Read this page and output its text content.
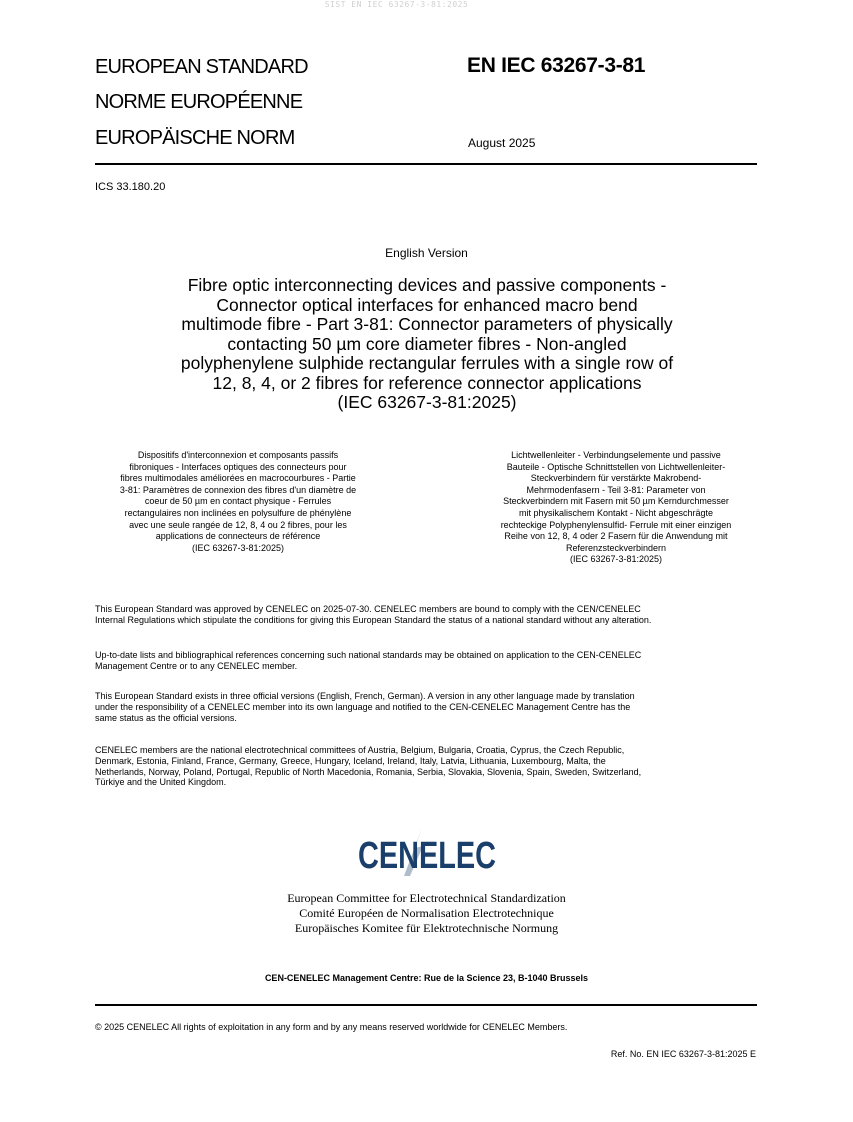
SIST EN IEC 63267-3-81:2025
EUROPEAN STANDARD
NORME EUROPÉENNE
EUROPÄISCHE NORM
EN IEC 63267-3-81
August 2025
ICS 33.180.20
English Version
Fibre optic interconnecting devices and passive components -
Connector optical interfaces for enhanced macro bend
multimode fibre - Part 3-81: Connector parameters of physically
contacting 50 µm core diameter fibres - Non-angled
polyphenylene sulphide rectangular ferrules with a single row of
12, 8, 4, or 2 fibres for reference connector applications
(IEC 63267-3-81:2025)
Dispositifs d'interconnexion et composants passifs
fibroniques - Interfaces optiques des connecteurs pour
fibres multimodales améliorées en macrocourbures - Partie
3-81: Paramètres de connexion des fibres d'un diamètre de
coeur de 50 µm en contact physique - Ferrules
rectangulaires non inclinées en polysulfure de phénylène
avec une seule rangée de 12, 8, 4 ou 2 fibres, pour les
applications de connecteurs de référence
(IEC 63267-3-81:2025)
Lichtwellenleiter - Verbindungselemente und passive
Bauteile - Optische Schnittstellen von Lichtwellenleiter-
Steckverbindern für verstärkte Makrobend-
Mehrmodenfasern - Teil 3-81: Parameter von
Steckverbindern mit Fasern mit 50 µm Kerndurchmesser
mit physikalischem Kontakt - Nicht abgeschrägte
rechteckige Polyphenylensulfid- Ferrule mit einer einzigen
Reihe von 12, 8, 4 oder 2 Fasern für die Anwendung mit
Referenzsteckverbindern
(IEC 63267-3-81:2025)
This European Standard was approved by CENELEC on 2025-07-30. CENELEC members are bound to comply with the CEN/CENELEC
Internal Regulations which stipulate the conditions for giving this European Standard the status of a national standard without any alteration.
Up-to-date lists and bibliographical references concerning such national standards may be obtained on application to the CEN-CENELEC
Management Centre or to any CENELEC member.
This European Standard exists in three official versions (English, French, German). A version in any other language made by translation
under the responsibility of a CENELEC member into its own language and notified to the CEN-CENELEC Management Centre has the
same status as the official versions.
CENELEC members are the national electrotechnical committees of Austria, Belgium, Bulgaria, Croatia, Cyprus, the Czech Republic,
Denmark, Estonia, Finland, France, Germany, Greece, Hungary, Iceland, Ireland, Italy, Latvia, Lithuania, Luxembourg, Malta, the
Netherlands, Norway, Poland, Portugal, Republic of North Macedonia, Romania, Serbia, Slovakia, Slovenia, Spain, Sweden, Switzerland,
Türkiye and the United Kingdom.
CENELEC
European Committee for Electrotechnical Standardization
Comité Européen de Normalisation Electrotechnique
Europäisches Komitee für Elektrotechnische Normung
CEN-CENELEC Management Centre: Rue de la Science 23, B-1040 Brussels
© 2025 CENELEC All rights of exploitation in any form and by any means reserved worldwide for CENELEC Members.
Ref. No. EN IEC 63267-3-81:2025 E
